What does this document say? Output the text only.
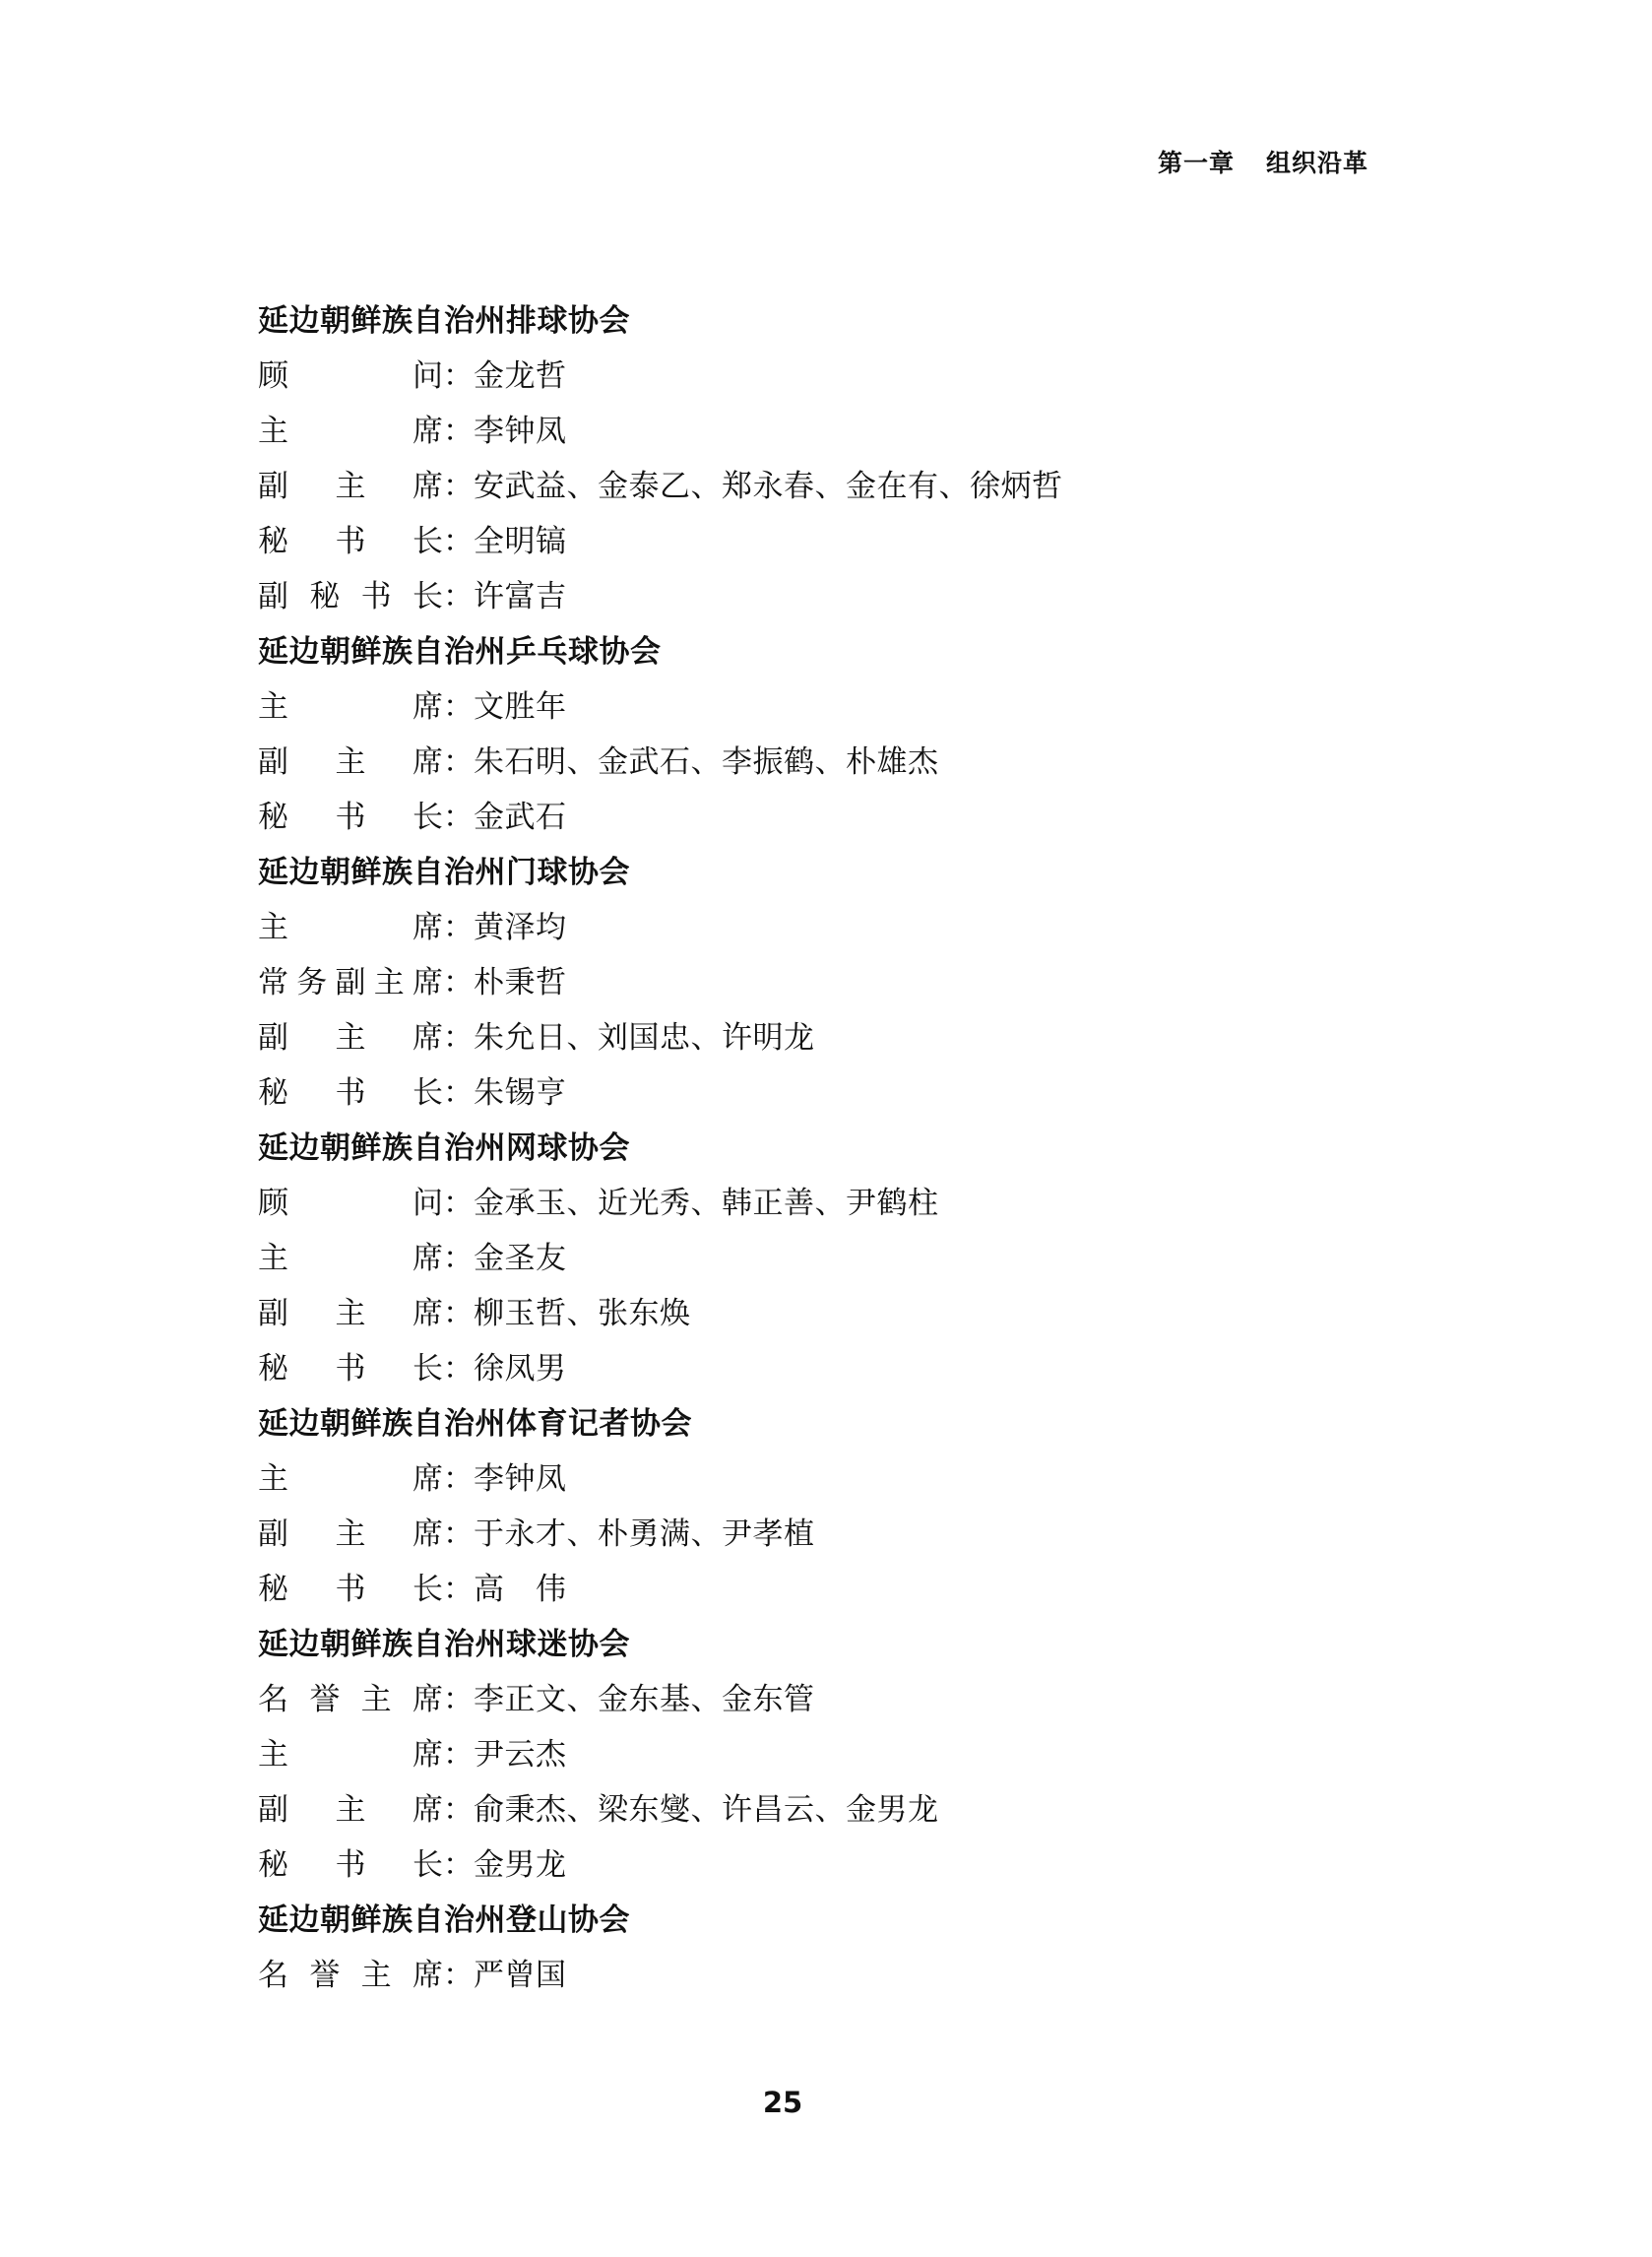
第一章 组织沿革
延边朝鲜族自治州排球协会
顾	问 ： 金龙哲
主	席 ： 李钟凤
副 主 席 ： 安武益、金泰乙、郑永春、金在有、徐炳哲
秘 书 长 ： 全明镐
副 秘 书 长 ： 许富吉
延边朝鲜族自治州乒乓球协会
主	席 ： 文胜年
副 主 席 ： 朱石明、金武石、李振鹤、朴雄杰
秘 书 长 ： 金武石
延边朝鲜族自治州门球协会
主	席 ： 黄泽均
常 务 副 主 席 ： 朴秉哲
副 主 席 ： 朱允日、刘国忠、许明龙
秘 书 长 ： 朱锡亨
延边朝鲜族自治州网球协会
顾	问 ： 金承玉、近光秀、韩正善、尹鹤柱
主	席 ： 金圣友
副 主 席 ： 柳玉哲、张东焕
秘 书 长 ： 徐凤男
延边朝鲜族自治州体育记者协会
主	席 ： 李钟凤
副 主 席 ： 于永才、朴勇满、尹孝植
秘 书 长 ： 高　伟
延边朝鲜族自治州球迷协会
名 誉 主 席 ： 李正文、金东基、金东管
主	席 ： 尹云杰
副 主 席 ： 俞秉杰、梁东燮、许昌云、金男龙
秘 书 长 ： 金男龙
延边朝鲜族自治州登山协会
名 誉 主 席 ： 严曾国
25
